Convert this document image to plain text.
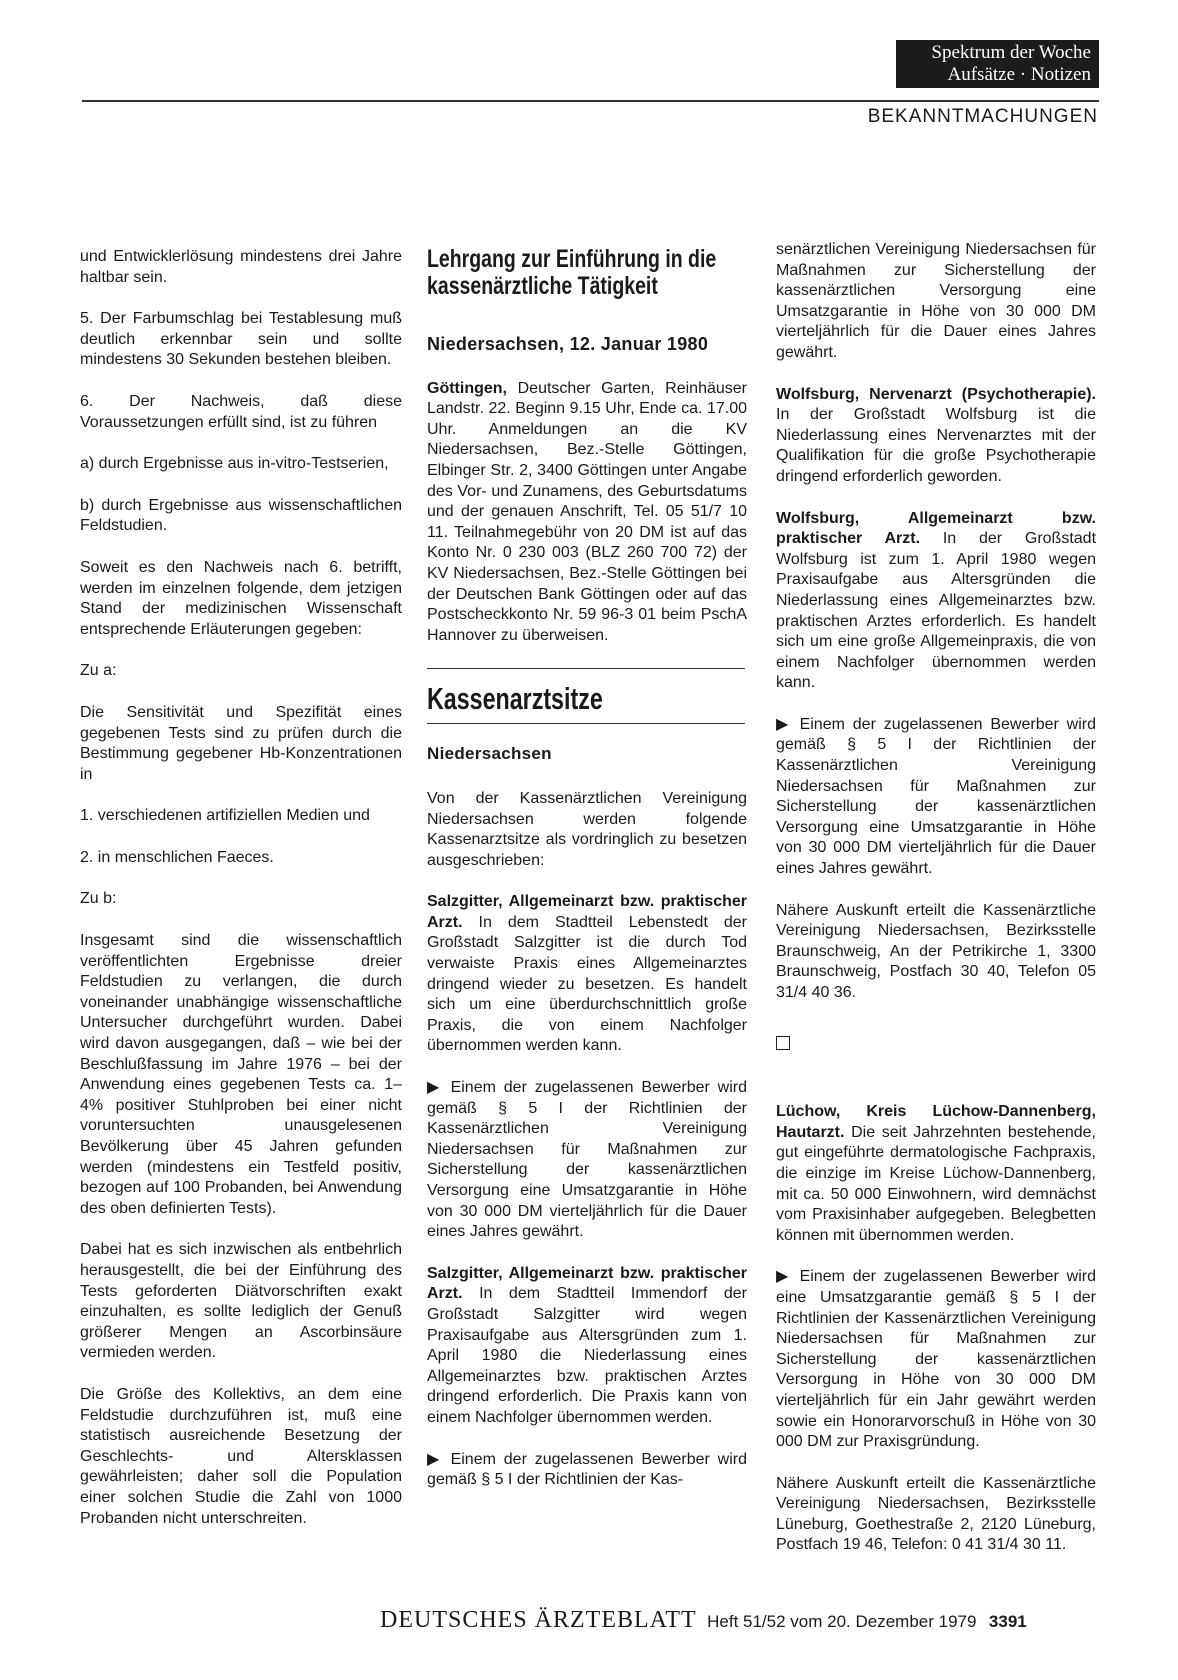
Spektrum der Woche
Aufsätze · Notizen
BEKANNTMACHUNGEN

und Entwicklerlösung mindestens drei Jahre haltbar sein.

5. Der Farbumschlag bei Testablesung muß deutlich erkennbar sein und sollte mindestens 30 Sekunden bestehen bleiben.

6. Der Nachweis, daß diese Voraussetzungen erfüllt sind, ist zu führen

a) durch Ergebnisse aus in-vitro-Testserien,

b) durch Ergebnisse aus wissenschaftlichen Feldstudien.

Soweit es den Nachweis nach 6. betrifft, werden im einzelnen folgende, dem jetzigen Stand der medizinischen Wissenschaft entsprechende Erläuterungen gegeben:

Zu a:

Die Sensitivität und Spezifität eines gegebenen Tests sind zu prüfen durch die Bestimmung gegebener Hb-Konzentrationen in

1. verschiedenen artifiziellen Medien und

2. in menschlichen Faeces.

Zu b:

Insgesamt sind die wissenschaftlich veröffentlichten Ergebnisse dreier Feldstudien zu verlangen, die durch voneinander unabhängige wissenschaftliche Untersucher durchgeführt wurden. Dabei wird davon ausgegangen, daß – wie bei der Beschlußfassung im Jahre 1976 – bei der Anwendung eines gegebenen Tests ca. 1–4% positiver Stuhlproben bei einer nicht voruntersuchten unausgelesenen Bevölkerung über 45 Jahren gefunden werden (mindestens ein Testfeld positiv, bezogen auf 100 Probanden, bei Anwendung des oben definierten Tests).

Dabei hat es sich inzwischen als entbehrlich herausgestellt, die bei der Einführung des Tests geforderten Diätvorschriften exakt einzuhalten, es sollte lediglich der Genuß größerer Mengen an Ascorbinsäure vermieden werden.

Die Größe des Kollektivs, an dem eine Feldstudie durchzuführen ist, muß eine statistisch ausreichende Besetzung der Geschlechts- und Altersklassen gewährleisten; daher soll die Population einer solchen Studie die Zahl von 1000 Probanden nicht unterschreiten.

Lehrgang zur Einführung in die kassenärztliche Tätigkeit
Niedersachsen, 12. Januar 1980

Göttingen, Deutscher Garten, Reinhäuser Landstr. 22. Beginn 9.15 Uhr, Ende ca. 17.00 Uhr. Anmeldungen an die KV Niedersachsen, Bez.-Stelle Göttingen, Elbinger Str. 2, 3400 Göttingen unter Angabe des Vor- und Zunamens, des Geburtsdatums und der genauen Anschrift, Tel. 05 51/7 10 11. Teilnahmegebühr von 20 DM ist auf das Konto Nr. 0 230 003 (BLZ 260 700 72) der KV Niedersachsen, Bez.-Stelle Göttingen bei der Deutschen Bank Göttingen oder auf das Postscheckkonto Nr. 59 96-3 01 beim PschA Hannover zu überweisen.

Kassenarztsitze
Niedersachsen

Von der Kassenärztlichen Vereinigung Niedersachsen werden folgende Kassenarztsitze als vordringlich zu besetzen ausgeschrieben:

Salzgitter, Allgemeinarzt bzw. praktischer Arzt. In dem Stadtteil Lebenstedt der Großstadt Salzgitter ist die durch Tod verwaiste Praxis eines Allgemeinarztes dringend wieder zu besetzen. Es handelt sich um eine überdurchschnittlich große Praxis, die von einem Nachfolger übernommen werden kann.

▶ Einem der zugelassenen Bewerber wird gemäß § 5 I der Richtlinien der Kassenärztlichen Vereinigung Niedersachsen für Maßnahmen zur Sicherstellung der kassenärztlichen Versorgung eine Umsatzgarantie in Höhe von 30 000 DM vierteljährlich für die Dauer eines Jahres gewährt.

Salzgitter, Allgemeinarzt bzw. praktischer Arzt. In dem Stadtteil Immendorf der Großstadt Salzgitter wird wegen Praxisaufgabe aus Altersgründen zum 1. April 1980 die Niederlassung eines Allgemeinarztes bzw. praktischen Arztes dringend erforderlich. Die Praxis kann von einem Nachfolger übernommen werden.

▶ Einem der zugelassenen Bewerber wird gemäß § 5 I der Richtlinien der Kas-

senärztlichen Vereinigung Niedersachsen für Maßnahmen zur Sicherstellung der kassenärztlichen Versorgung eine Umsatzgarantie in Höhe von 30 000 DM vierteljährlich für die Dauer eines Jahres gewährt.

Wolfsburg, Nervenarzt (Psychotherapie). In der Großstadt Wolfsburg ist die Niederlassung eines Nervenarztes mit der Qualifikation für die große Psychotherapie dringend erforderlich geworden.

Wolfsburg, Allgemeinarzt bzw. praktischer Arzt. In der Großstadt Wolfsburg ist zum 1. April 1980 wegen Praxisaufgabe aus Altersgründen die Niederlassung eines Allgemeinarztes bzw. praktischen Arztes erforderlich. Es handelt sich um eine große Allgemeinpraxis, die von einem Nachfolger übernommen werden kann.

▶ Einem der zugelassenen Bewerber wird gemäß § 5 I der Richtlinien der Kassenärztlichen Vereinigung Niedersachsen für Maßnahmen zur Sicherstellung der kassenärztlichen Versorgung eine Umsatzgarantie in Höhe von 30 000 DM vierteljährlich für die Dauer eines Jahres gewährt.

Nähere Auskunft erteilt die Kassenärztliche Vereinigung Niedersachsen, Bezirksstelle Braunschweig, An der Petrikirche 1, 3300 Braunschweig, Postfach 30 40, Telefon 05 31/4 40 36.

Lüchow, Kreis Lüchow-Dannenberg, Hautarzt. Die seit Jahrzehnten bestehende, gut eingeführte dermatologische Fachpraxis, die einzige im Kreise Lüchow-Dannenberg, mit ca. 50 000 Einwohnern, wird demnächst vom Praxisinhaber aufgegeben. Belegbetten können mit übernommen werden.

▶ Einem der zugelassenen Bewerber wird eine Umsatzgarantie gemäß § 5 I der Richtlinien der Kassenärztlichen Vereinigung Niedersachsen für Maßnahmen zur Sicherstellung der kassenärztlichen Versorgung in Höhe von 30 000 DM vierteljährlich für ein Jahr gewährt werden sowie ein Honorarvorschuß in Höhe von 30 000 DM zur Praxisgründung.

Nähere Auskunft erteilt die Kassenärztliche Vereinigung Niedersachsen, Bezirksstelle Lüneburg, Goethestraße 2, 2120 Lüneburg, Postfach 19 46, Telefon: 0 41 31/4 30 11.

DEUTSCHES ÄRZTEBLATT Heft 51/52 vom 20. Dezember 1979 3391
